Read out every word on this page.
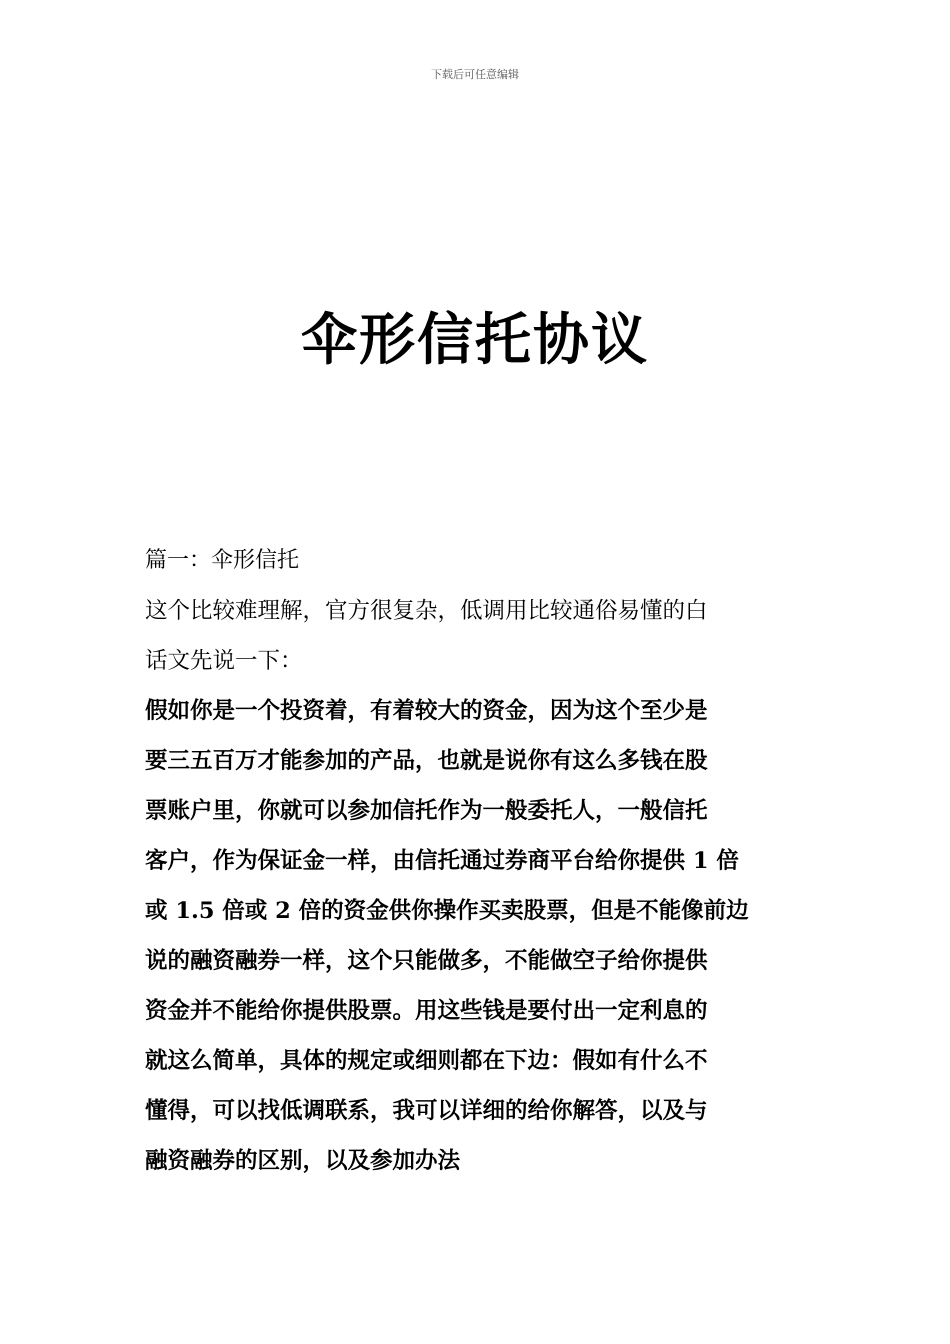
下载后可任意编辑
伞形信托协议

篇一：伞形信托

这个比较难理解，官方很复杂，低调用比较通俗易懂的白

话文先说一下：

假如你是一个投资着，有着较大的资金，因为这个至少是

要三五百万才能参加的产品，也就是说你有这么多钱在股

票账户里，你就可以参加信托作为一般委托人，一般信托

客户，作为保证金一样，由信托通过券商平台给你提供 1 倍

或 1.5 倍或 2 倍的资金供你操作买卖股票，但是不能像前边

说的融资融券一样，这个只能做多，不能做空子给你提供

资金并不能给你提供股票。用这些钱是要付出一定利息的

就这么简单，具体的规定或细则都在下边：假如有什么不

懂得，可以找低调联系，我可以详细的给你解答，以及与

融资融券的区别，以及参加办法
